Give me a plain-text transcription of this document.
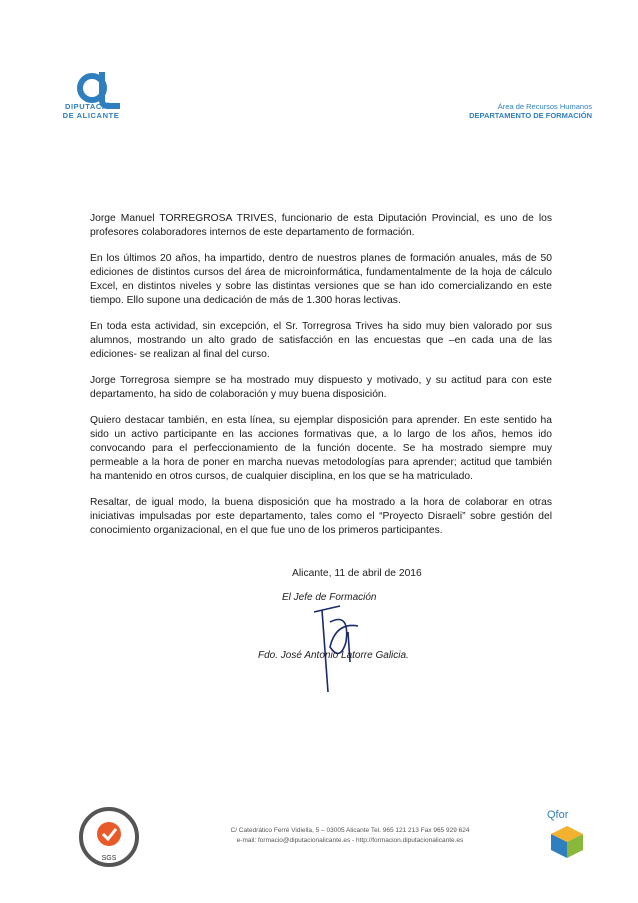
DIPUTACIÓN
DE ALICANTE
Área de Recursos Humanos
DEPARTAMENTO DE FORMACIÓN

Jorge Manuel TORREGROSA TRIVES, funcionario de esta Diputación Provincial, es uno de los profesores colaboradores internos de este departamento de formación.

En los últimos 20 años, ha impartido, dentro de nuestros planes de formación anuales, más de 50 ediciones de distintos cursos del área de microinformática, fundamentalmente de la hoja de cálculo Excel, en distintos niveles y sobre las distintas versiones que se han ido comercializando en este tiempo. Ello supone una dedicación de más de 1.300 horas lectivas.

En toda esta actividad, sin excepción, el Sr. Torregrosa Trives ha sido muy bien valorado por sus alumnos, mostrando un alto grado de satisfacción en las encuestas que –en cada una de las ediciones- se realizan al final del curso.

Jorge Torregrosa siempre se ha mostrado muy dispuesto y motivado, y su actitud para con este departamento, ha sido de colaboración y muy buena disposición.

Quiero destacar también, en esta línea, su ejemplar disposición para aprender. En este sentido ha sido un activo participante en las acciones formativas que, a lo largo de los años, hemos ido convocando para el perfeccionamiento de la función docente. Se ha mostrado siempre muy permeable a la hora de poner en marcha nuevas metodologías para aprender; actitud que también ha mantenido en otros cursos, de cualquier disciplina, en los que se ha matriculado.

Resaltar, de igual modo, la buena disposición que ha mostrado a la hora de colaborar en otras iniciativas impulsadas por este departamento, tales como el “Proyecto Disraeli” sobre gestión del conocimiento organizacional, en el que fue uno de los primeros participantes.

Alicante, 11 de abril de 2016
El Jefe de Formación
Fdo. José Antonio Latorre Galicia.
SGS
C/ Catedrático Ferré Vidiella, 5 – 03005 Alicante Tel. 965 121 213 Fax 965 929 624
e-mail: formacio@diputacionalicante.es - http://formacion.diputacionalicante.es
Qfor
